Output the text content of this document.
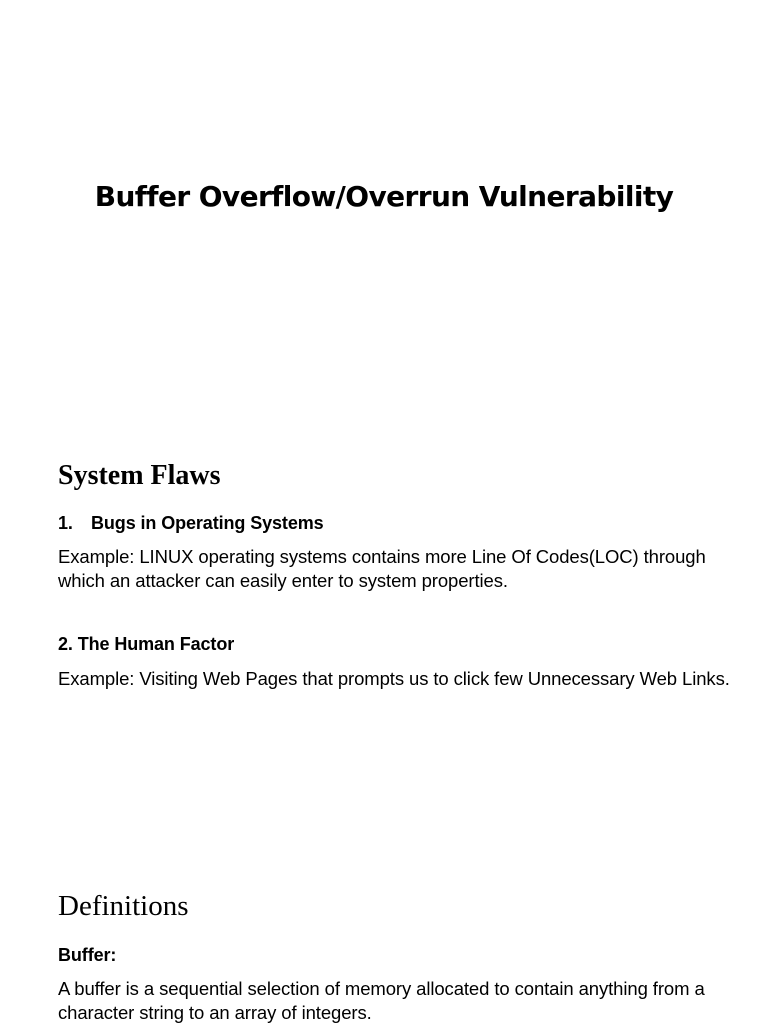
Buffer Overflow/Overrun Vulnerability
System Flaws
1. Bugs in Operating Systems

Example: LINUX operating systems contains more Line Of Codes(LOC) through which an attacker can easily enter to system properties.

2. The Human Factor

Example: Visiting Web Pages that prompts us to click few Unnecessary Web Links.

Definitions
Buffer:

A buffer is a sequential selection of memory allocated to contain anything from a character string to an array of integers.
